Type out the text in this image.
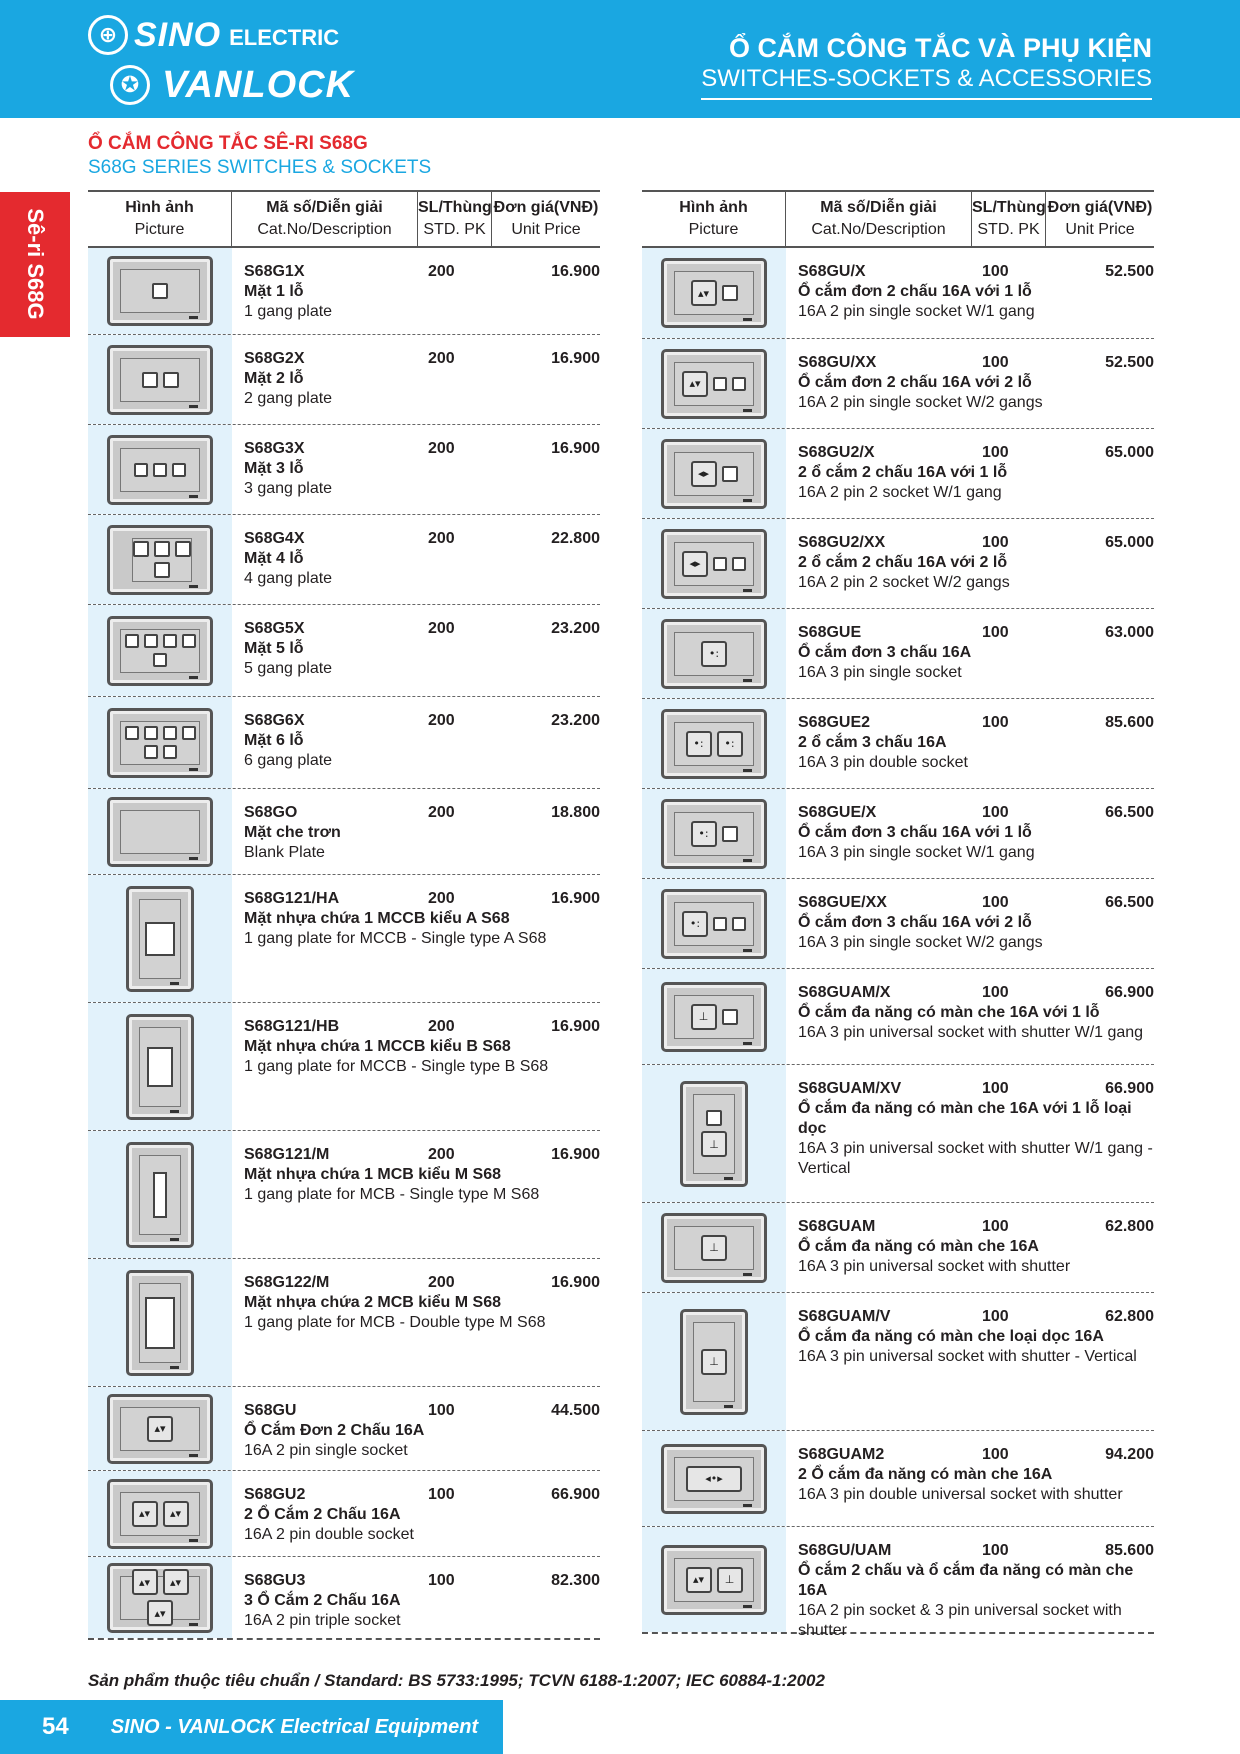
⊕ SINO ELECTRIC
✪ VANLOCK
Ổ CẮM CÔNG TẮC VÀ PHỤ KIỆN
SWITCHES-SOCKETS & ACCESSORIES
Sê-ri S68G
Ổ CẮM CÔNG TẮC SÊ-RI S68G
S68G SERIES SWITCHES & SOCKETS
Hình ảnh
Picture
Mã số/Diễn giải
Cat.No/Description
SL/Thùng
STD. PK
Đơn giá(VNĐ)
Unit Price
S68G1X
Mặt 1 lỗ
1 gang plate
200	16.900
S68G2X
Mặt 2 lỗ
2 gang plate
200	16.900
S68G3X
Mặt 3 lỗ
3 gang plate
200	16.900
S68G4X
Mặt 4 lỗ
4 gang plate
200	22.800
S68G5X
Mặt 5 lỗ
5 gang plate
200	23.200
S68G6X
Mặt 6 lỗ
6 gang plate
200	23.200
S68GO
Mặt che trơn
Blank Plate
200	18.800
S68G121/HA
Mặt nhựa chứa 1 MCCB kiểu A S68
1 gang plate for MCCB - Single type A S68
200	16.900
S68G121/HB
Mặt nhựa chứa 1 MCCB kiểu B S68
1 gang plate for MCCB - Single type B S68
200	16.900
S68G121/M
Mặt nhựa chứa 1 MCB kiểu M S68
1 gang plate for MCB - Single type M S68
200	16.900
S68G122/M
Mặt nhựa chứa 2 MCB kiểu M S68
1 gang plate for MCB - Double type M S68
200	16.900
▴▾
S68GU
Ổ Cắm Đơn 2 Chấu 16A
16A 2 pin single socket
100	44.500
▴▾	▴▾
S68GU2
2 Ổ Cắm 2 Chấu 16A
16A 2 pin double socket
100	66.900
▴▾	▴▾
▴▾
S68GU3
3 Ổ Cắm 2 Chấu 16A
16A 2 pin triple socket
100	82.300
Hình ảnh
Picture
Mã số/Diễn giải
Cat.No/Description
SL/Thùng
STD. PK
Đơn giá(VNĐ)
Unit Price
▴▾
S68GU/X
Ổ cắm đơn 2 chấu 16A với 1 lỗ
16A 2 pin single socket W/1 gang
100	52.500
▴▾
S68GU/XX
Ổ cắm đơn 2 chấu 16A với 2 lỗ
16A 2 pin single socket W/2 gangs
100	52.500
◂▸
S68GU2/X
2 ổ cắm 2 chấu 16A với 1 lỗ
16A 2 pin 2 socket W/1 gang
100	65.000
◂▸
S68GU2/XX
2 ổ cắm 2 chấu 16A với 2 lỗ
16A 2 pin 2 socket W/2 gangs
100	65.000
•:
S68GUE
Ổ cắm đơn 3 chấu 16A
16A 3 pin single socket
100	63.000
•:	•:
S68GUE2
2 ổ cắm 3 chấu 16A
16A 3 pin double socket
100	85.600
•:
S68GUE/X
Ổ cắm đơn 3 chấu 16A với 1 lỗ
16A 3 pin single socket W/1 gang
100	66.500
•:
S68GUE/XX
Ổ cắm đơn 3 chấu 16A với 2 lỗ
16A 3 pin single socket W/2 gangs
100	66.500
⊥
S68GUAM/X
Ổ cắm đa năng có màn che 16A với 1 lỗ
16A 3 pin universal socket with shutter W/1 gang
100	66.900
⊥
S68GUAM/XV
Ổ cắm đa năng có màn che 16A với 1 lỗ loại dọc
16A 3 pin universal socket with shutter W/1 gang - Vertical
100	66.900
⊥
S68GUAM
Ổ cắm đa năng có màn che 16A
16A 3 pin universal socket with shutter
100	62.800
⊥
S68GUAM/V
Ổ cắm đa năng có màn che loại dọc 16A
16A 3 pin universal socket with shutter - Vertical
100	62.800
◂•▸
S68GUAM2
2 Ổ cắm đa năng có màn che 16A
16A 3 pin double universal socket with shutter
100	94.200
▴▾	⊥
S68GU/UAM
Ổ cắm 2 chấu và ổ cắm đa năng có màn che 16A
16A 2 pin socket & 3 pin universal socket with shutter
100	85.600
Sản phẩm thuộc tiêu chuẩn / Standard: BS 5733:1995; TCVN 6188-1:2007; IEC 60884-1:2002
54 SINO - VANLOCK Electrical Equipment
